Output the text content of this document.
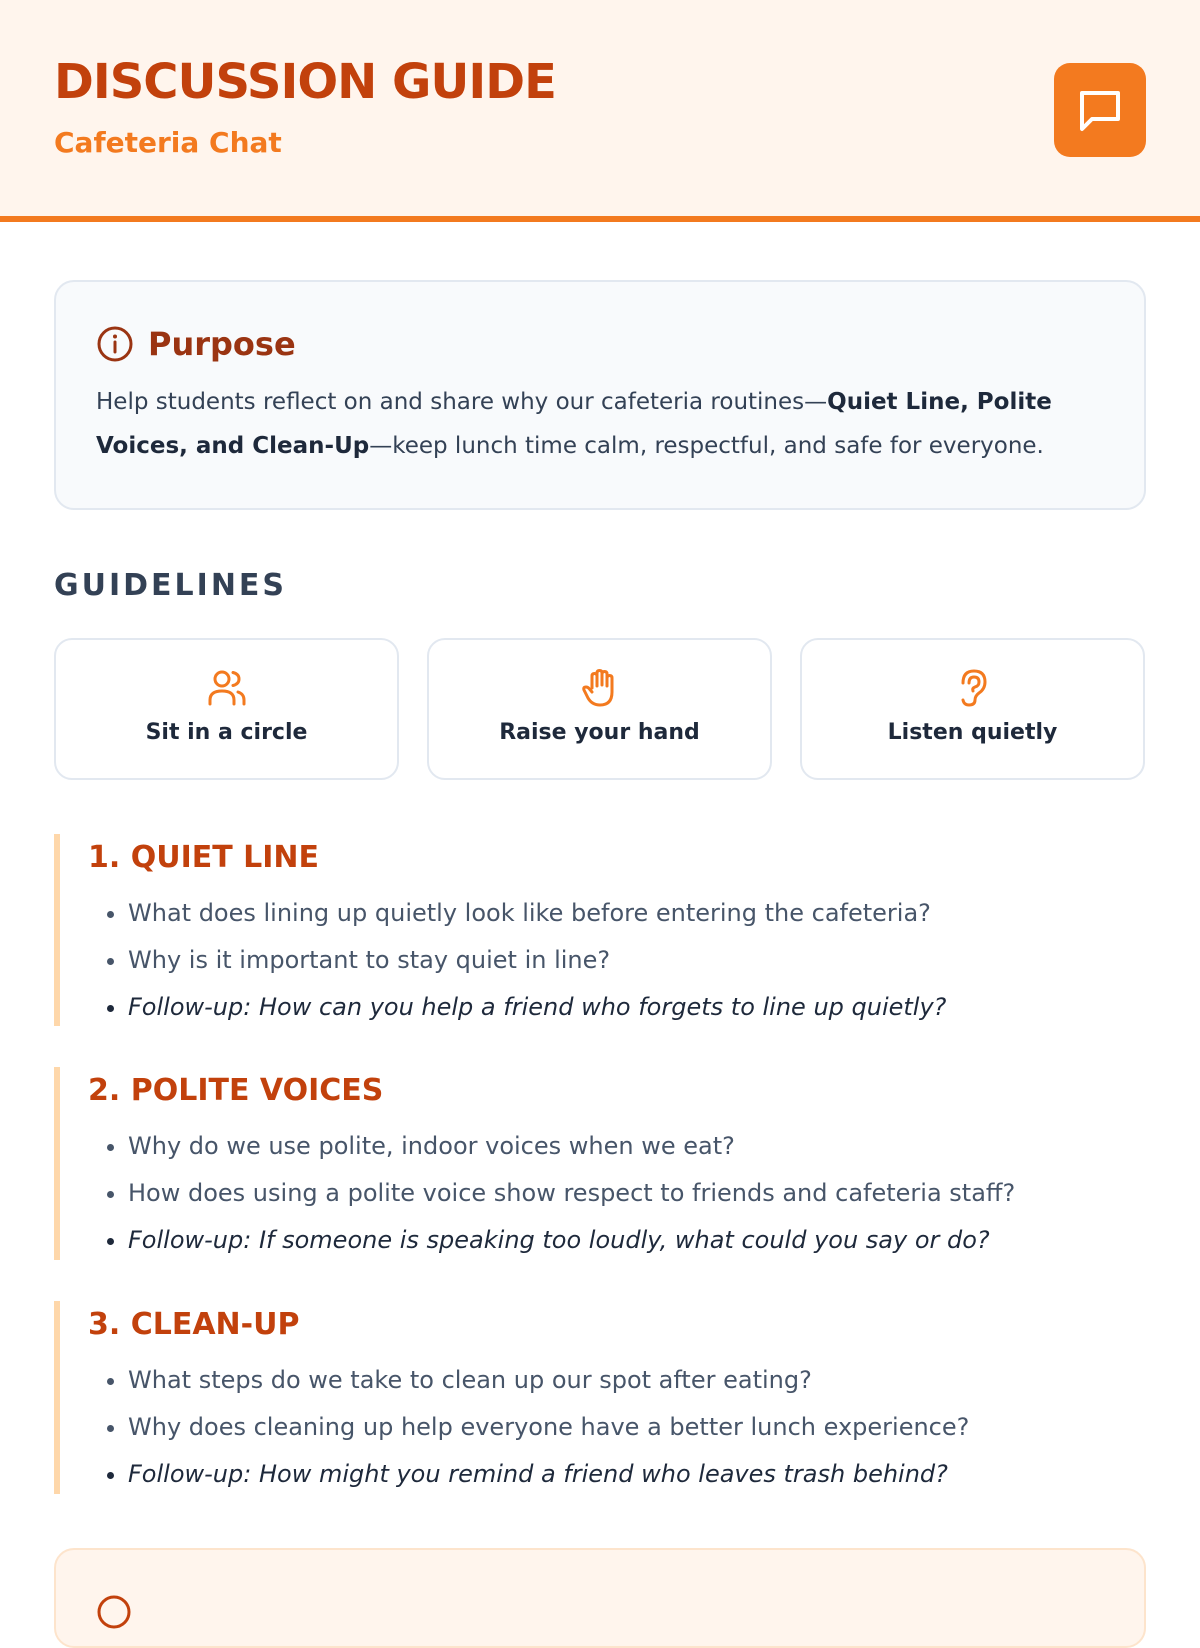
DISCUSSION GUIDE
Cafeteria Chat
Purpose

Help students reflect on and share why our cafeteria routines—Quiet Line, Polite Voices, and Clean-Up—keep lunch time calm, respectful, and safe for everyone.

GUIDELINES
Sit in a circle	Raise your hand	Listen quietly
1. QUIET LINE
• What does lining up quietly look like before entering the cafeteria?
• Why is it important to stay quiet in line?
• Follow-up: How can you help a friend who forgets to line up quietly?
2. POLITE VOICES
• Why do we use polite, indoor voices when we eat?
• How does using a polite voice show respect to friends and cafeteria staff?
• Follow-up: If someone is speaking too loudly, what could you say or do?
3. CLEAN-UP
• What steps do we take to clean up our spot after eating?
• Why does cleaning up help everyone have a better lunch experience?
• Follow-up: How might you remind a friend who leaves trash behind?
